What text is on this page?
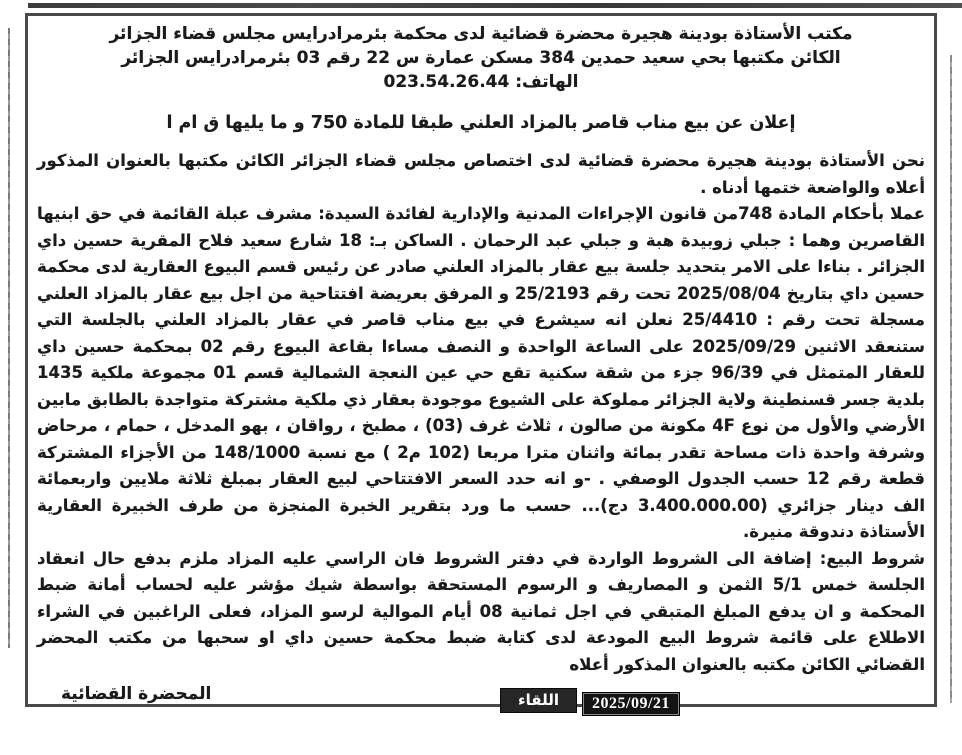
مكتب الأستاذة بودينة هجيرة محضرة قضائية لدى محكمة بئرمرادرايس مجلس قضاء الجزائر
الكائن مكتبها بحي سعيد حمدين 384 مسكن عمارة س 22 رقم 03 بئرمرادرايس الجزائر
الهاتف: 023.54.26.44
إعلان عن بيع مناب قاصر بالمزاد العلني طبقا للمادة 750 و ما يليها ق ام ا

نحن الأستاذة بودينة هجيرة محضرة قضائية لدى اختصاص مجلس قضاء الجزائر الكائن مكتبها بالعنوان المذكور أعلاه والواضعة ختمها أدناه .

عملا بأحكام المادة 748من قانون الإجراءات المدنية والإدارية لفائدة السيدة: مشرف عبلة القائمة في حق ابنيها القاصرين وهما : جبلي زوبيدة هبة و جبلي عبد الرحمان . الساكن بـ: 18 شارع سعيد فلاح المقرية حسين داي الجزائر . بناءا على الامر بتحديد جلسة بيع عقار بالمزاد العلني صادر عن رئيس قسم البيوع العقارية لدى محكمة حسين داي بتاريخ 2025/08/04 تحت رقم 25/2193 و المرفق بعريضة افتتاحية من اجل بيع عقار بالمزاد العلني مسجلة تحت رقم : 25/4410 نعلن انه سيشرع في بيع مناب قاصر في عقار بالمزاد العلني بالجلسة التي ستنعقد الاثنين 2025/09/29 على الساعة الواحدة و النصف مساءا بقاعة البيوع رقم 02 بمحكمة حسين داي للعقار المتمثل في 96/39 جزء من شقة سكنية تقع حي عين النعجة الشمالية قسم 01 مجموعة ملكية 1435 بلدية جسر قسنطينة ولاية الجزائر مملوكة على الشيوع موجودة بعقار ذي ملكية مشتركة متواجدة بالطابق مابين الأرضي والأول من نوع 4F مكونة من صالون ، ثلاث غرف (03) ، مطبخ ، رواقان ، بهو المدخل ، حمام ، مرحاض وشرفة واحدة ذات مساحة تقدر بمائة واثنان مترا مربعا (102 م2 ) مع نسبة 148/1000 من الأجزاء المشتركة قطعة رقم 12 حسب الجدول الوصفي . -و انه حدد السعر الافتتاحي لبيع العقار بمبلغ ثلاثة ملايين واربعمائة الف دينار جزائري (3.400.000.00 دج)... حسب ما ورد بتقرير الخبرة المنجزة من طرف الخبيرة العقارية الأستاذة دندوقة منيرة.

شروط البيع: إضافة الى الشروط الواردة في دفتر الشروط فان الراسي عليه المزاد ملزم بدفع حال انعقاد الجلسة خمس 5/1 الثمن و المصاريف و الرسوم المستحقة بواسطة شيك مؤشر عليه لحساب أمانة ضبط المحكمة و ان يدفع المبلغ المتبقي في اجل ثمانية 08 أيام الموالية لرسو المزاد، فعلى الراغبين في الشراء الاطلاع على قائمة شروط البيع المودعة لدى كتابة ضبط محكمة حسين داي او سحبها من مكتب المحضر القضائي الكائن مكتبه بالعنوان المذكور أعلاه

المحضرة القضائية	اللقاء	2025/09/21
